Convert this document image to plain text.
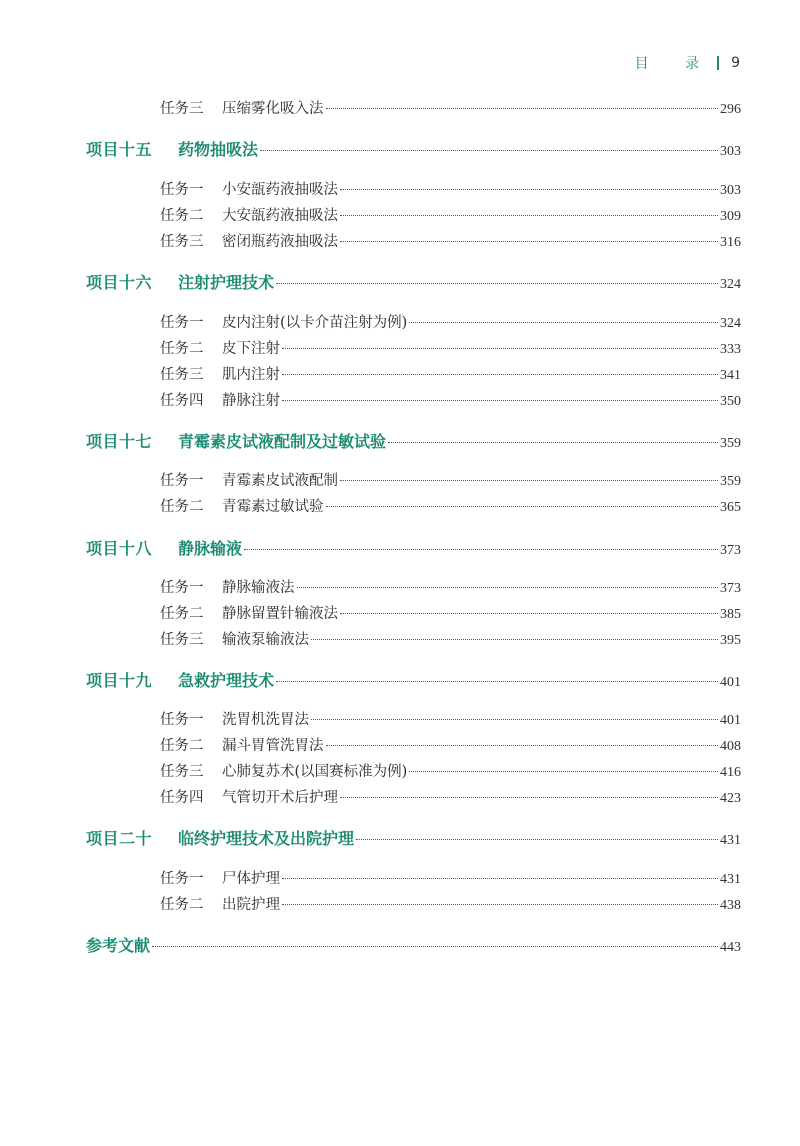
目 录 9
任务三	压缩雾化吸入法	296
项目十五	药物抽吸法	303
任务一	小安瓿药液抽吸法	303
任务二	大安瓿药液抽吸法	309
任务三	密闭瓶药液抽吸法	316
项目十六	注射护理技术	324
任务一	皮内注射(以卡介苗注射为例)	324
任务二	皮下注射	333
任务三	肌内注射	341
任务四	静脉注射	350
项目十七	青霉素皮试液配制及过敏试验	359
任务一	青霉素皮试液配制	359
任务二	青霉素过敏试验	365
项目十八	静脉输液	373
任务一	静脉输液法	373
任务二	静脉留置针输液法	385
任务三	输液泵输液法	395
项目十九	急救护理技术	401
任务一	洗胃机洗胃法	401
任务二	漏斗胃管洗胃法	408
任务三	心肺复苏术(以国赛标准为例)	416
任务四	气管切开术后护理	423
项目二十	临终护理技术及出院护理	431
任务一	尸体护理	431
任务二	出院护理	438
参考文献	443
